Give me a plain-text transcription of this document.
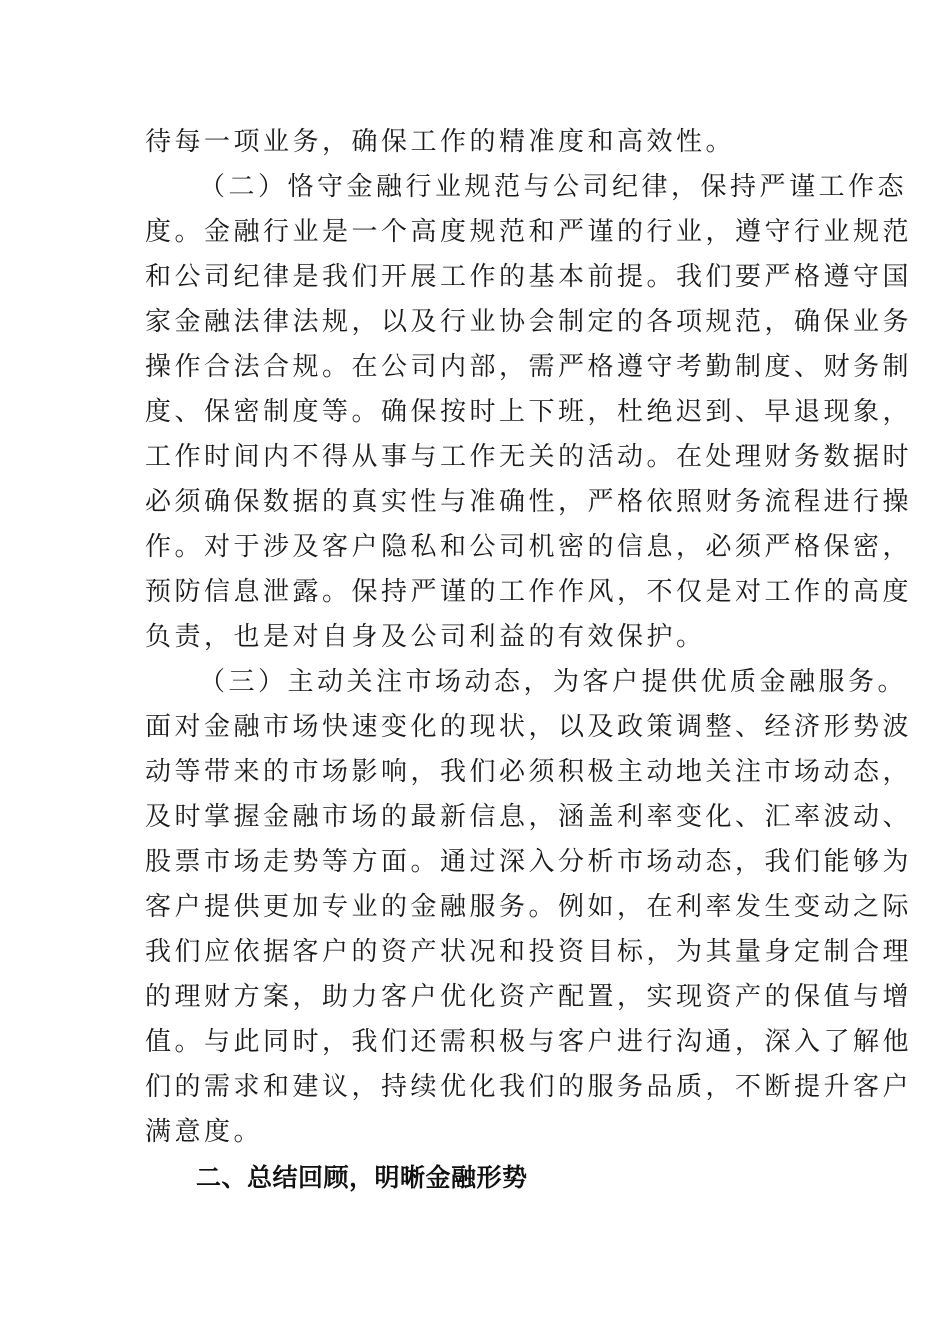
待每一项业务，确保工作的精准度和高效性。
（二）恪守金融行业规范与公司纪律，保持严谨工作态
度。金融行业是一个高度规范和严谨的行业，遵守行业规范
和公司纪律是我们开展工作的基本前提。我们要严格遵守国
家金融法律法规，以及行业协会制定的各项规范，确保业务
操作合法合规。在公司内部，需严格遵守考勤制度、财务制
度、保密制度等。确保按时上下班，杜绝迟到、早退现象，
工作时间内不得从事与工作无关的活动。在处理财务数据时
必须确保数据的真实性与准确性，严格依照财务流程进行操
作。对于涉及客户隐私和公司机密的信息，必须严格保密，
预防信息泄露。保持严谨的工作作风，不仅是对工作的高度
负责，也是对自身及公司利益的有效保护。
（三）主动关注市场动态，为客户提供优质金融服务。
面对金融市场快速变化的现状，以及政策调整、经济形势波
动等带来的市场影响，我们必须积极主动地关注市场动态，
及时掌握金融市场的最新信息，涵盖利率变化、汇率波动、
股票市场走势等方面。通过深入分析市场动态，我们能够为
客户提供更加专业的金融服务。例如，在利率发生变动之际
我们应依据客户的资产状况和投资目标，为其量身定制合理
的理财方案，助力客户优化资产配置，实现资产的保值与增
值。与此同时，我们还需积极与客户进行沟通，深入了解他
们的需求和建议，持续优化我们的服务品质，不断提升客户
满意度。
二、总结回顾，明晰金融形势
